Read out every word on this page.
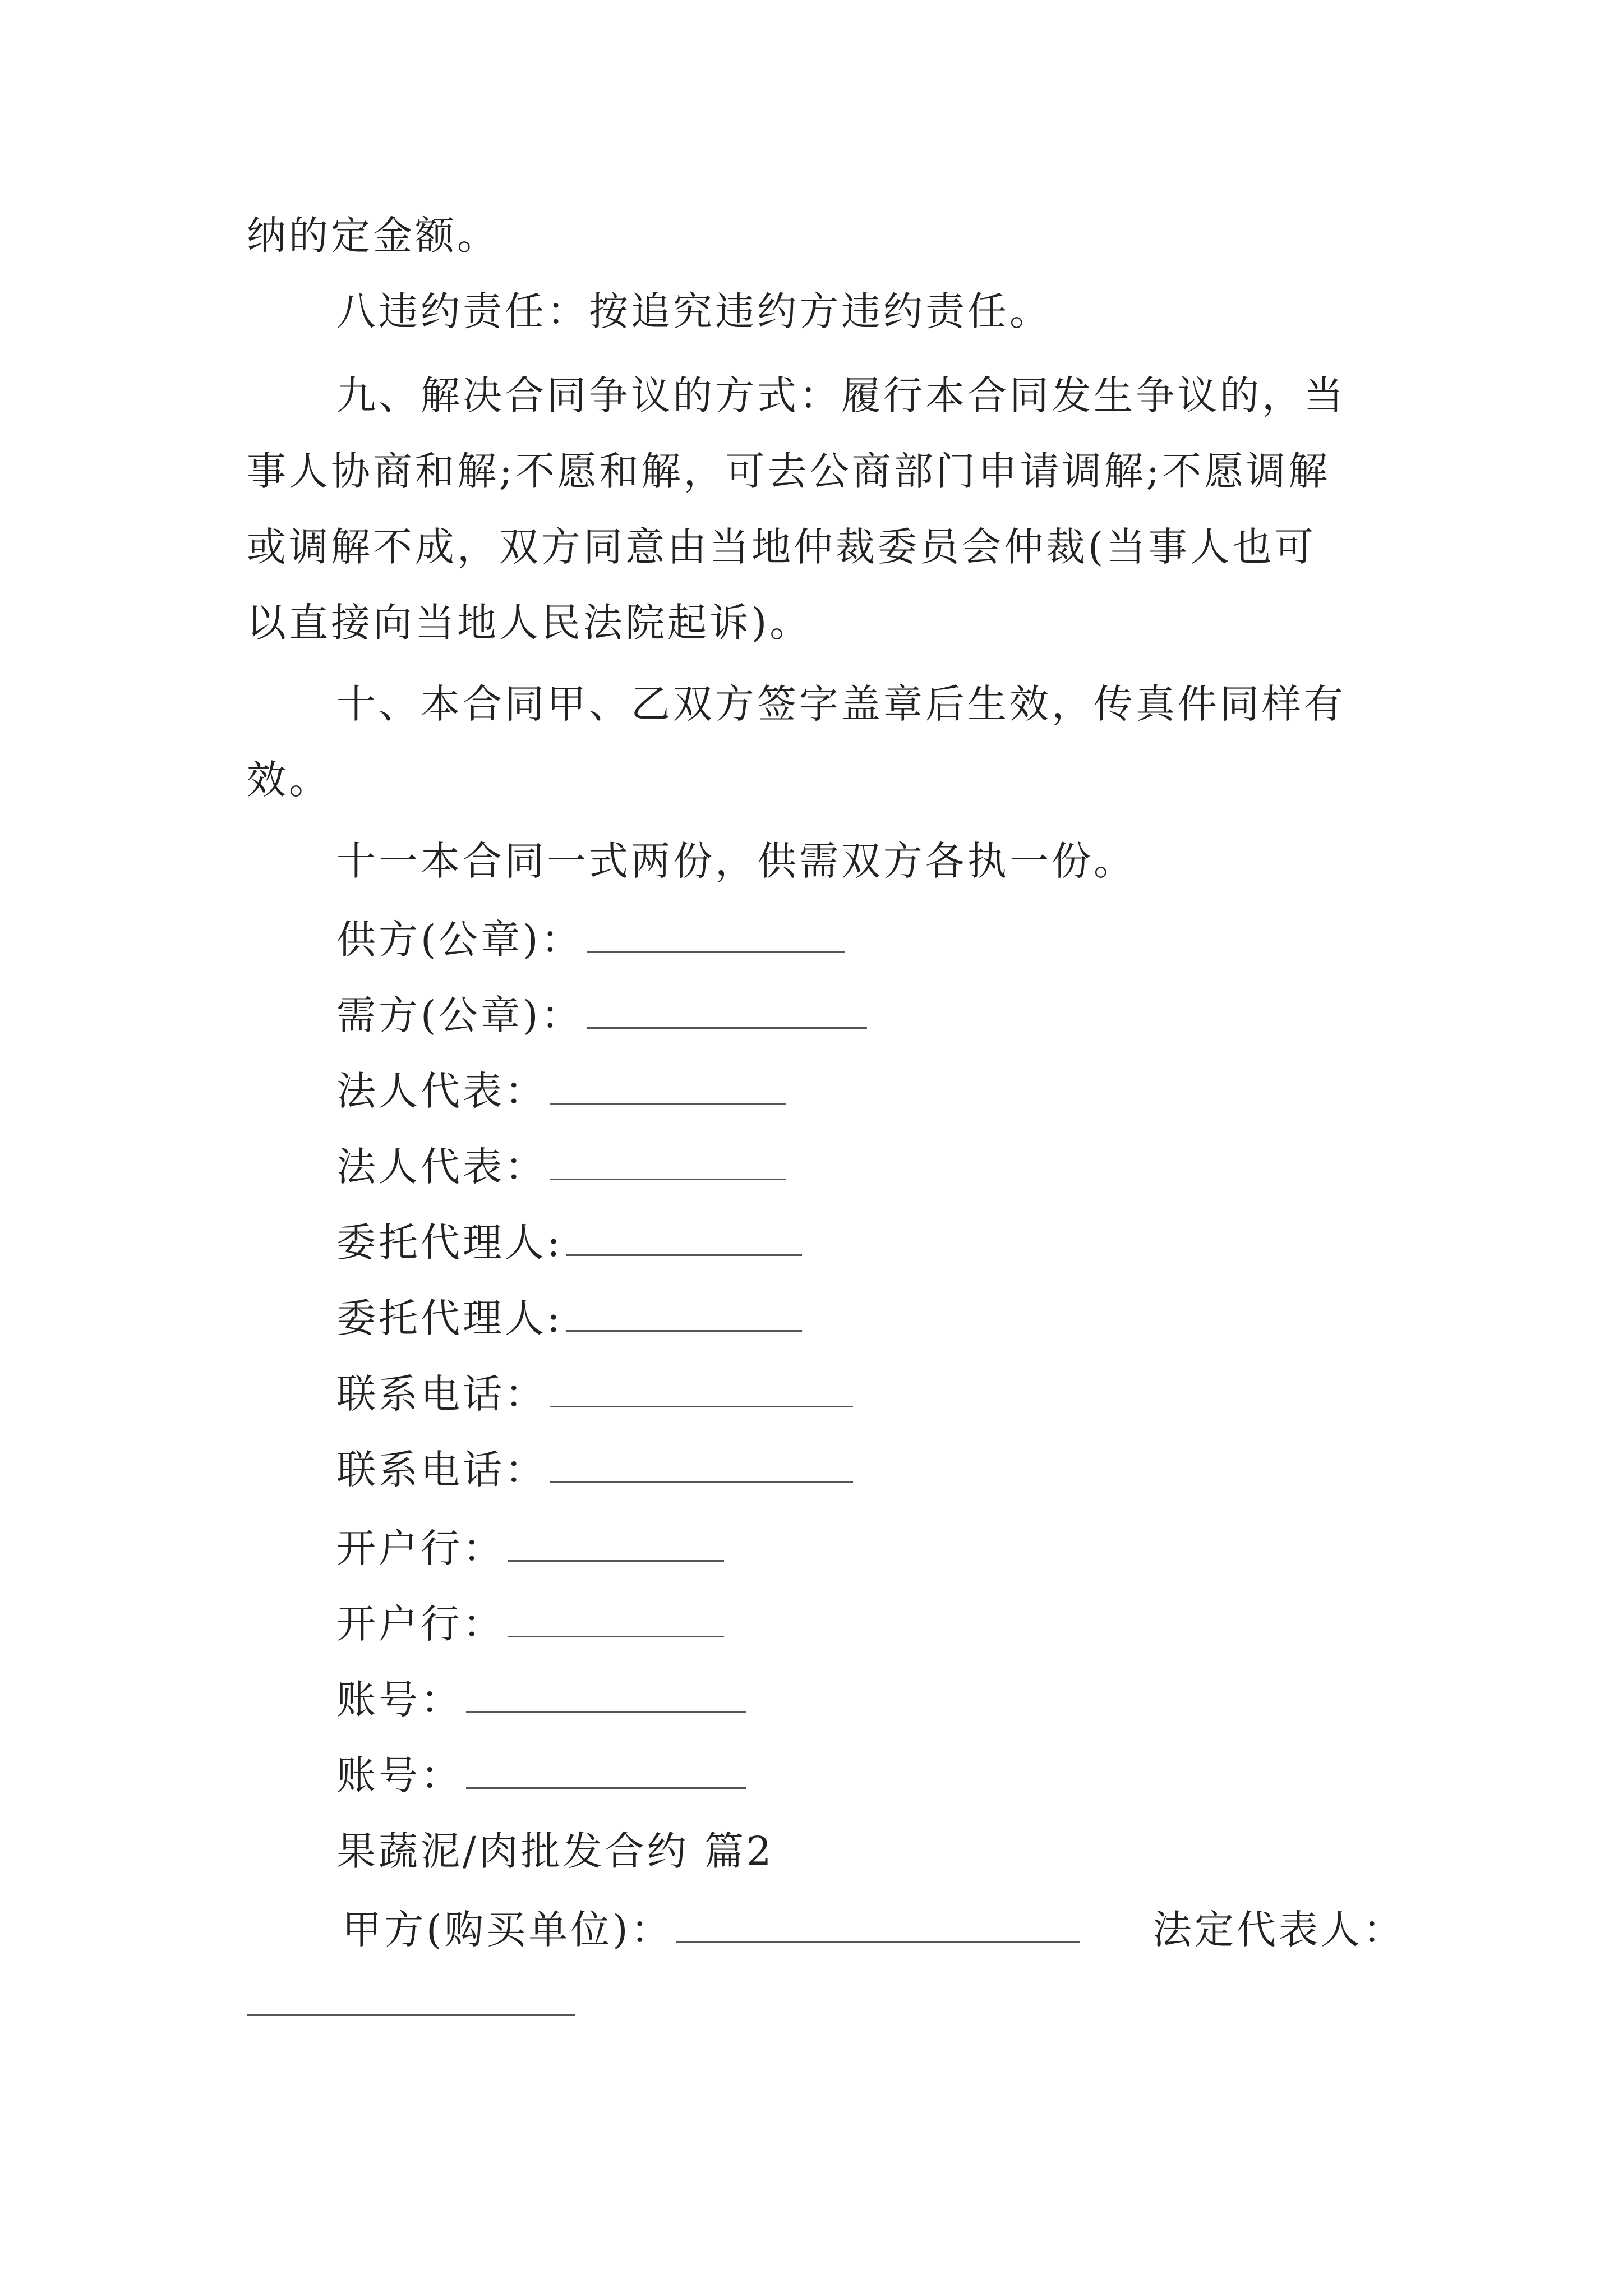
纳的定金额。
八违约责任：按追究违约方违约责任。
九、解决合同争议的方式：履行本合同发生争议的，当
事人协商和解;不愿和解，可去公商部门申请调解;不愿调解
或调解不成，双方同意由当地仲裁委员会仲裁(当事人也可
以直接向当地人民法院起诉)。
十、本合同甲、乙双方签字盖章后生效，传真件同样有
效。
十一本合同一式两份，供需双方各执一份。
供方(公章)：
需方(公章)：
法人代表：
法人代表：
委托代理人:
委托代理人:
联系电话：
联系电话：
开户行：
开户行：
账号：
账号：
果蔬泥/肉批发合约 篇2
甲方(购买单位)：	法定代表人：
